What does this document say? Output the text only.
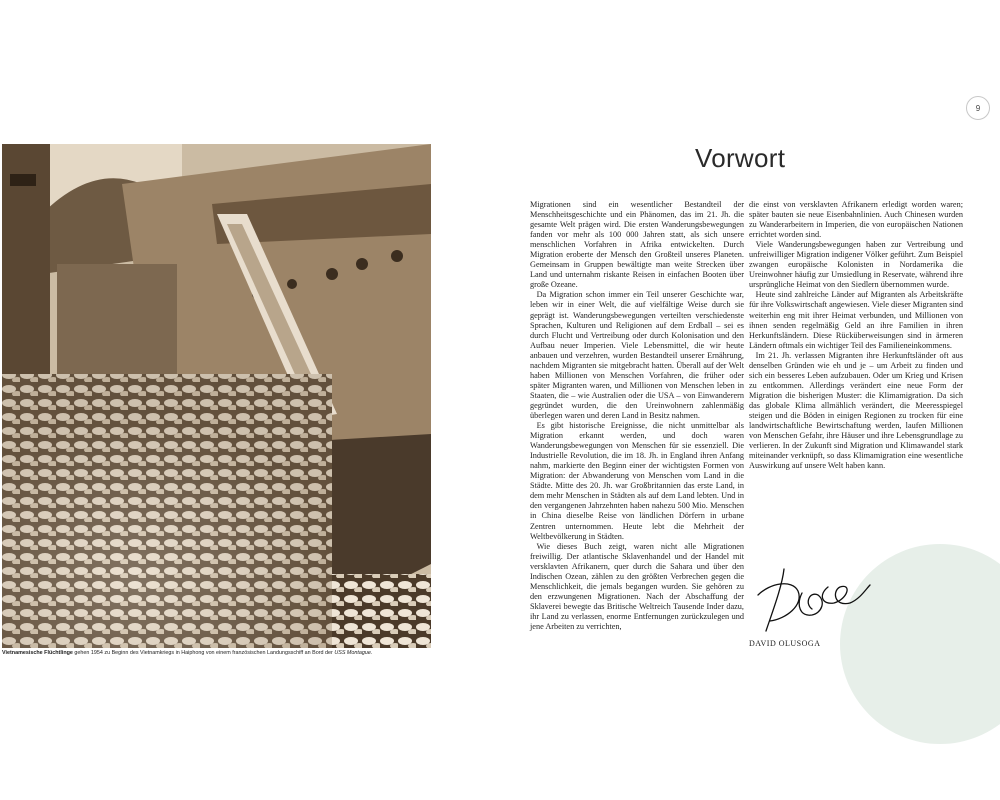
9
Vietnamesische Flüchtlinge gehen 1954 zu Beginn des Vietnamkriegs in Haiphong von einem französischen Landungsschiff an Bord der USS Montague.
Vorwort

Migrationen sind ein wesentlicher Bestandteil der Menschheitsgeschichte und ein Phänomen, das im 21. Jh. die gesamte Welt prägen wird. Die ersten Wanderungsbewegungen fanden vor mehr als 100 000 Jahren statt, als sich unsere menschlichen Vorfahren in Afrika entwickelten. Durch Migration eroberte der Mensch den Großteil unseres Planeten. Gemeinsam in Gruppen bewältigte man weite Strecken über Land und unternahm riskante Reisen in einfachen Booten über große Ozeane.

Da Migration schon immer ein Teil unserer Geschichte war, leben wir in einer Welt, die auf vielfältige Weise durch sie geprägt ist. Wanderungsbewegungen verteilten verschiedenste Sprachen, Kulturen und Religionen auf dem Erdball – sei es durch Flucht und Vertreibung oder durch Kolonisation und den Aufbau neuer Imperien. Viele Lebensmittel, die wir heute anbauen und verzehren, wurden Bestandteil unserer Ernährung, nachdem Migranten sie mitgebracht hatten. Überall auf der Welt haben Millionen von Menschen Vorfahren, die früher oder später Migranten waren, und Millionen von Menschen leben in Staaten, die – wie Australien oder die USA – von Einwanderern gegründet wurden, die den Ureinwohnern zahlenmäßig überlegen waren und deren Land in Besitz nahmen.

Es gibt historische Ereignisse, die nicht unmittelbar als Migration erkannt werden, und doch waren Wanderungsbewegungen von Menschen für sie essenziell. Die Industrielle Revolution, die im 18. Jh. in England ihren Anfang nahm, markierte den Beginn einer der wichtigsten Formen von Migration: der Abwanderung von Menschen vom Land in die Städte. Mitte des 20. Jh. war Großbritannien das erste Land, in dem mehr Menschen in Städten als auf dem Land lebten. Und in den vergangenen Jahrzehnten haben nahezu 500 Mio. Menschen in China dieselbe Reise von ländlichen Dörfern in urbane Zentren unternommen. Heute lebt die Mehrheit der Weltbevölkerung in Städten.

Wie dieses Buch zeigt, waren nicht alle Migrationen freiwillig. Der atlantische Sklavenhandel und der Handel mit versklavten Afrikanern, quer durch die Sahara und über den Indischen Ozean, zählen zu den größten Verbrechen gegen die Menschlichkeit, die jemals begangen wurden. Sie gehören zu den erzwungenen Migrationen. Nach der Abschaffung der Sklaverei bewegte das Britische Weltreich Tausende Inder dazu, ihr Land zu verlassen, enorme Entfernungen zurückzulegen und jene Arbeiten zu verrichten,

die einst von versklavten Afrikanern erledigt worden waren; später bauten sie neue Eisenbahnlinien. Auch Chinesen wurden zu Wanderarbeitern in Imperien, die von europäischen Nationen errichtet worden sind.

Viele Wanderungsbewegungen haben zur Vertreibung und unfreiwilliger Migration indigener Völker geführt. Zum Beispiel zwangen europäische Kolonisten in Nordamerika die Ureinwohner häufig zur Umsiedlung in Reservate, während ihre ursprüngliche Heimat von den Siedlern übernommen wurde.

Heute sind zahlreiche Länder auf Migranten als Arbeitskräfte für ihre Volkswirtschaft angewiesen. Viele dieser Migranten sind weiterhin eng mit ihrer Heimat verbunden, und Millionen von ihnen senden regelmäßig Geld an ihre Familien in ihren Herkunftsländern. Diese Rücküberweisungen sind in ärmeren Ländern oftmals ein wichtiger Teil des Familieneinkommens.

Im 21. Jh. verlassen Migranten ihre Herkunftsländer oft aus denselben Gründen wie eh und je – um Arbeit zu finden und sich ein besseres Leben aufzubauen. Oder um Krieg und Krisen zu entkommen. Allerdings verändert eine neue Form der Migration die bisherigen Muster: die Klimamigration. Da sich das globale Klima allmählich verändert, die Meeresspiegel steigen und die Böden in einigen Regionen zu trocken für eine landwirtschaftliche Bewirtschaftung werden, laufen Millionen von Menschen Gefahr, ihre Häuser und ihre Lebensgrundlage zu verlieren. In der Zukunft sind Migration und Klimawandel stark miteinander verknüpft, so dass Klimamigration eine wesentliche Auswirkung auf unsere Welt haben kann.

DAVID OLUSOGA
